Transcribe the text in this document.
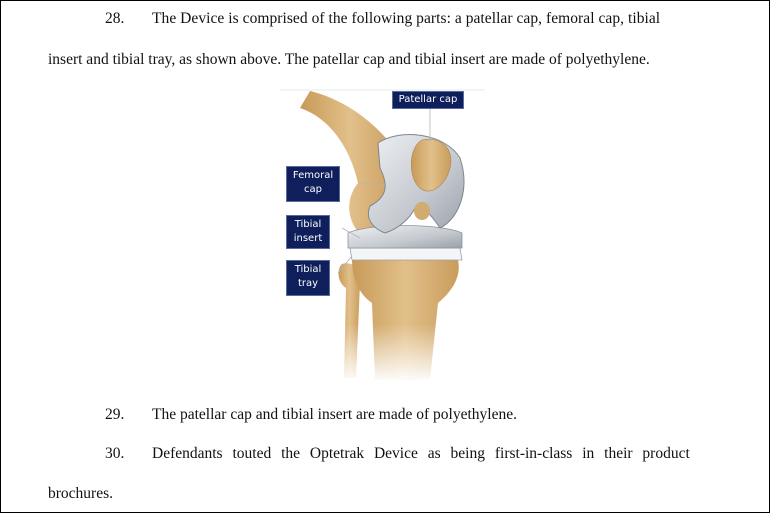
28. The Device is comprised of the following parts: a patellar cap, femoral cap, tibial
insert and tibial tray, as shown above. The patellar cap and tibial insert are made of polyethylene.
29. The patellar cap and tibial insert are made of polyethylene.
30. Defendants touted the Optetrak Device as being first-in-class in their product
brochures.
Patellar cap
Femoral
cap
Tibial
insert
Tibial
tray
